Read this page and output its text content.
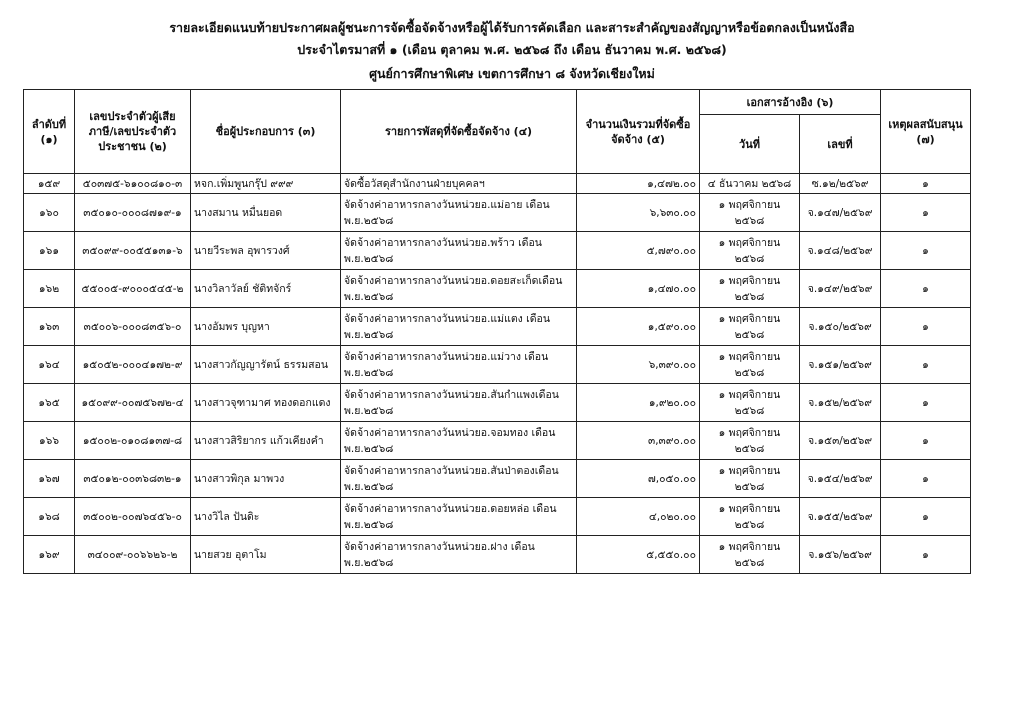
รายละเอียดแนบท้ายประกาศผลผู้ชนะการจัดซื้อจัดจ้างหรือผู้ได้รับการคัดเลือก และสาระสำคัญของสัญญาหรือข้อตกลงเป็นหนังสือ
ประจำไตรมาสที่ ๑ (เดือน ตุลาคม พ.ศ. ๒๕๖๘ ถึง เดือน ธันวาคม พ.ศ. ๒๕๖๘)
ศูนย์การศึกษาพิเศษ เขตการศึกษา ๘ จังหวัดเชียงใหม่
ลำดับที่ (๑)	เลขประจำตัวผู้เสียภาษี/เลขประจำตัวประชาชน (๒)	ชื่อผู้ประกอบการ (๓)	รายการพัสดุที่จัดซื้อจัดจ้าง (๔)	จำนวนเงินรวมที่จัดซื้อจัดจ้าง (๕)	เอกสารอ้างอิง (๖)		เหตุผลสนับสนุน (๗)
					วันที่	เลขที่	
๑๕๙	๕๐๓๗๕-๖๑๐๐๘๑๐-๓	หจก.เพิ่มพูนกรุ๊ป ๙๙๙	จัดซื้อวัสดุสำนักงานฝ่ายบุคคลฯ	๑,๔๗๒.๐๐	๔ ธันวาคม ๒๕๖๘	ซ.๑๒/๒๕๖๙	๑
๑๖๐	๓๕๐๑๐-๐๐๐๘๗๑๙-๑	นางสมาน หมื่นยอด	จัดจ้างค่าอาหารกลางวันหน่วยอ.แม่อาย เดือนพ.ย.๒๕๖๘	๖,๖๓๐.๐๐	๑ พฤศจิกายน ๒๕๖๘	จ.๑๔๗/๒๕๖๙	๑
๑๖๑	๓๕๐๙๙-๐๐๕๕๑๓๑-๖	นายวีระพล อุพารวงศ์	จัดจ้างค่าอาหารกลางวันหน่วยอ.พร้าว เดือนพ.ย.๒๕๖๘	๕,๗๙๐.๐๐	๑ พฤศจิกายน ๒๕๖๘	จ.๑๔๘/๒๕๖๙	๑
๑๖๒	๕๕๐๐๕-๙๐๐๐๕๔๕-๒	นางวิลาวัลย์ ชัติทจักร์	จัดจ้างค่าอาหารกลางวันหน่วยอ.ดอยสะเก็ดเดือนพ.ย.๒๕๖๘	๑,๔๗๐.๐๐	๑ พฤศจิกายน ๒๕๖๘	จ.๑๔๙/๒๕๖๙	๑
๑๖๓	๓๕๐๐๖-๐๐๐๘๓๕๖-๐	นางอัมพร บุญหา	จัดจ้างค่าอาหารกลางวันหน่วยอ.แม่แตง เดือนพ.ย.๒๕๖๘	๑,๕๙๐.๐๐	๑ พฤศจิกายน ๒๕๖๘	จ.๑๕๐/๒๕๖๙	๑
๑๖๔	๑๕๐๕๒-๐๐๐๔๑๗๒-๙	นางสาวกัญญารัตน์ ธรรมสอน	จัดจ้างค่าอาหารกลางวันหน่วยอ.แม่วาง เดือนพ.ย.๒๕๖๘	๖,๓๙๐.๐๐	๑ พฤศจิกายน ๒๕๖๘	จ.๑๕๑/๒๕๖๙	๑
๑๖๕	๑๕๐๙๙-๐๐๗๕๖๗๒-๔	นางสาวจุฑามาศ ทองดอกแดง	จัดจ้างค่าอาหารกลางวันหน่วยอ.สันกำแพงเดือนพ.ย.๒๕๖๘	๑,๙๒๐.๐๐	๑ พฤศจิกายน ๒๕๖๘	จ.๑๕๒/๒๕๖๙	๑
๑๖๖	๑๕๐๐๒-๐๑๐๘๑๓๗-๘	นางสาวสิริยากร แก้วเคียงคำ	จัดจ้างค่าอาหารกลางวันหน่วยอ.จอมทอง เดือนพ.ย.๒๕๖๘	๓,๓๙๐.๐๐	๑ พฤศจิกายน ๒๕๖๘	จ.๑๕๓/๒๕๖๙	๑
๑๖๗	๓๕๐๑๒-๐๐๓๖๘๓๒-๑	นางสาวพิกุล มาพวง	จัดจ้างค่าอาหารกลางวันหน่วยอ.สันป่าตองเดือนพ.ย.๒๕๖๘	๗,๐๕๐.๐๐	๑ พฤศจิกายน ๒๕๖๘	จ.๑๕๔/๒๕๖๙	๑
๑๖๘	๓๕๐๐๒-๐๐๗๖๔๕๖-๐	นางวิไล ปันดิะ	จัดจ้างค่าอาหารกลางวันหน่วยอ.ดอยหล่อ เดือนพ.ย.๒๕๖๘	๔,๐๒๐.๐๐	๑ พฤศจิกายน ๒๕๖๘	จ.๑๕๕/๒๕๖๙	๑
๑๖๙	๓๔๐๐๙-๐๐๖๖๒๖-๒	นายสวย อุตาโม	จัดจ้างค่าอาหารกลางวันหน่วยอ.ฝาง เดือนพ.ย.๒๕๖๘	๕,๕๕๐.๐๐	๑ พฤศจิกายน ๒๕๖๘	จ.๑๕๖/๒๕๖๙	๑
